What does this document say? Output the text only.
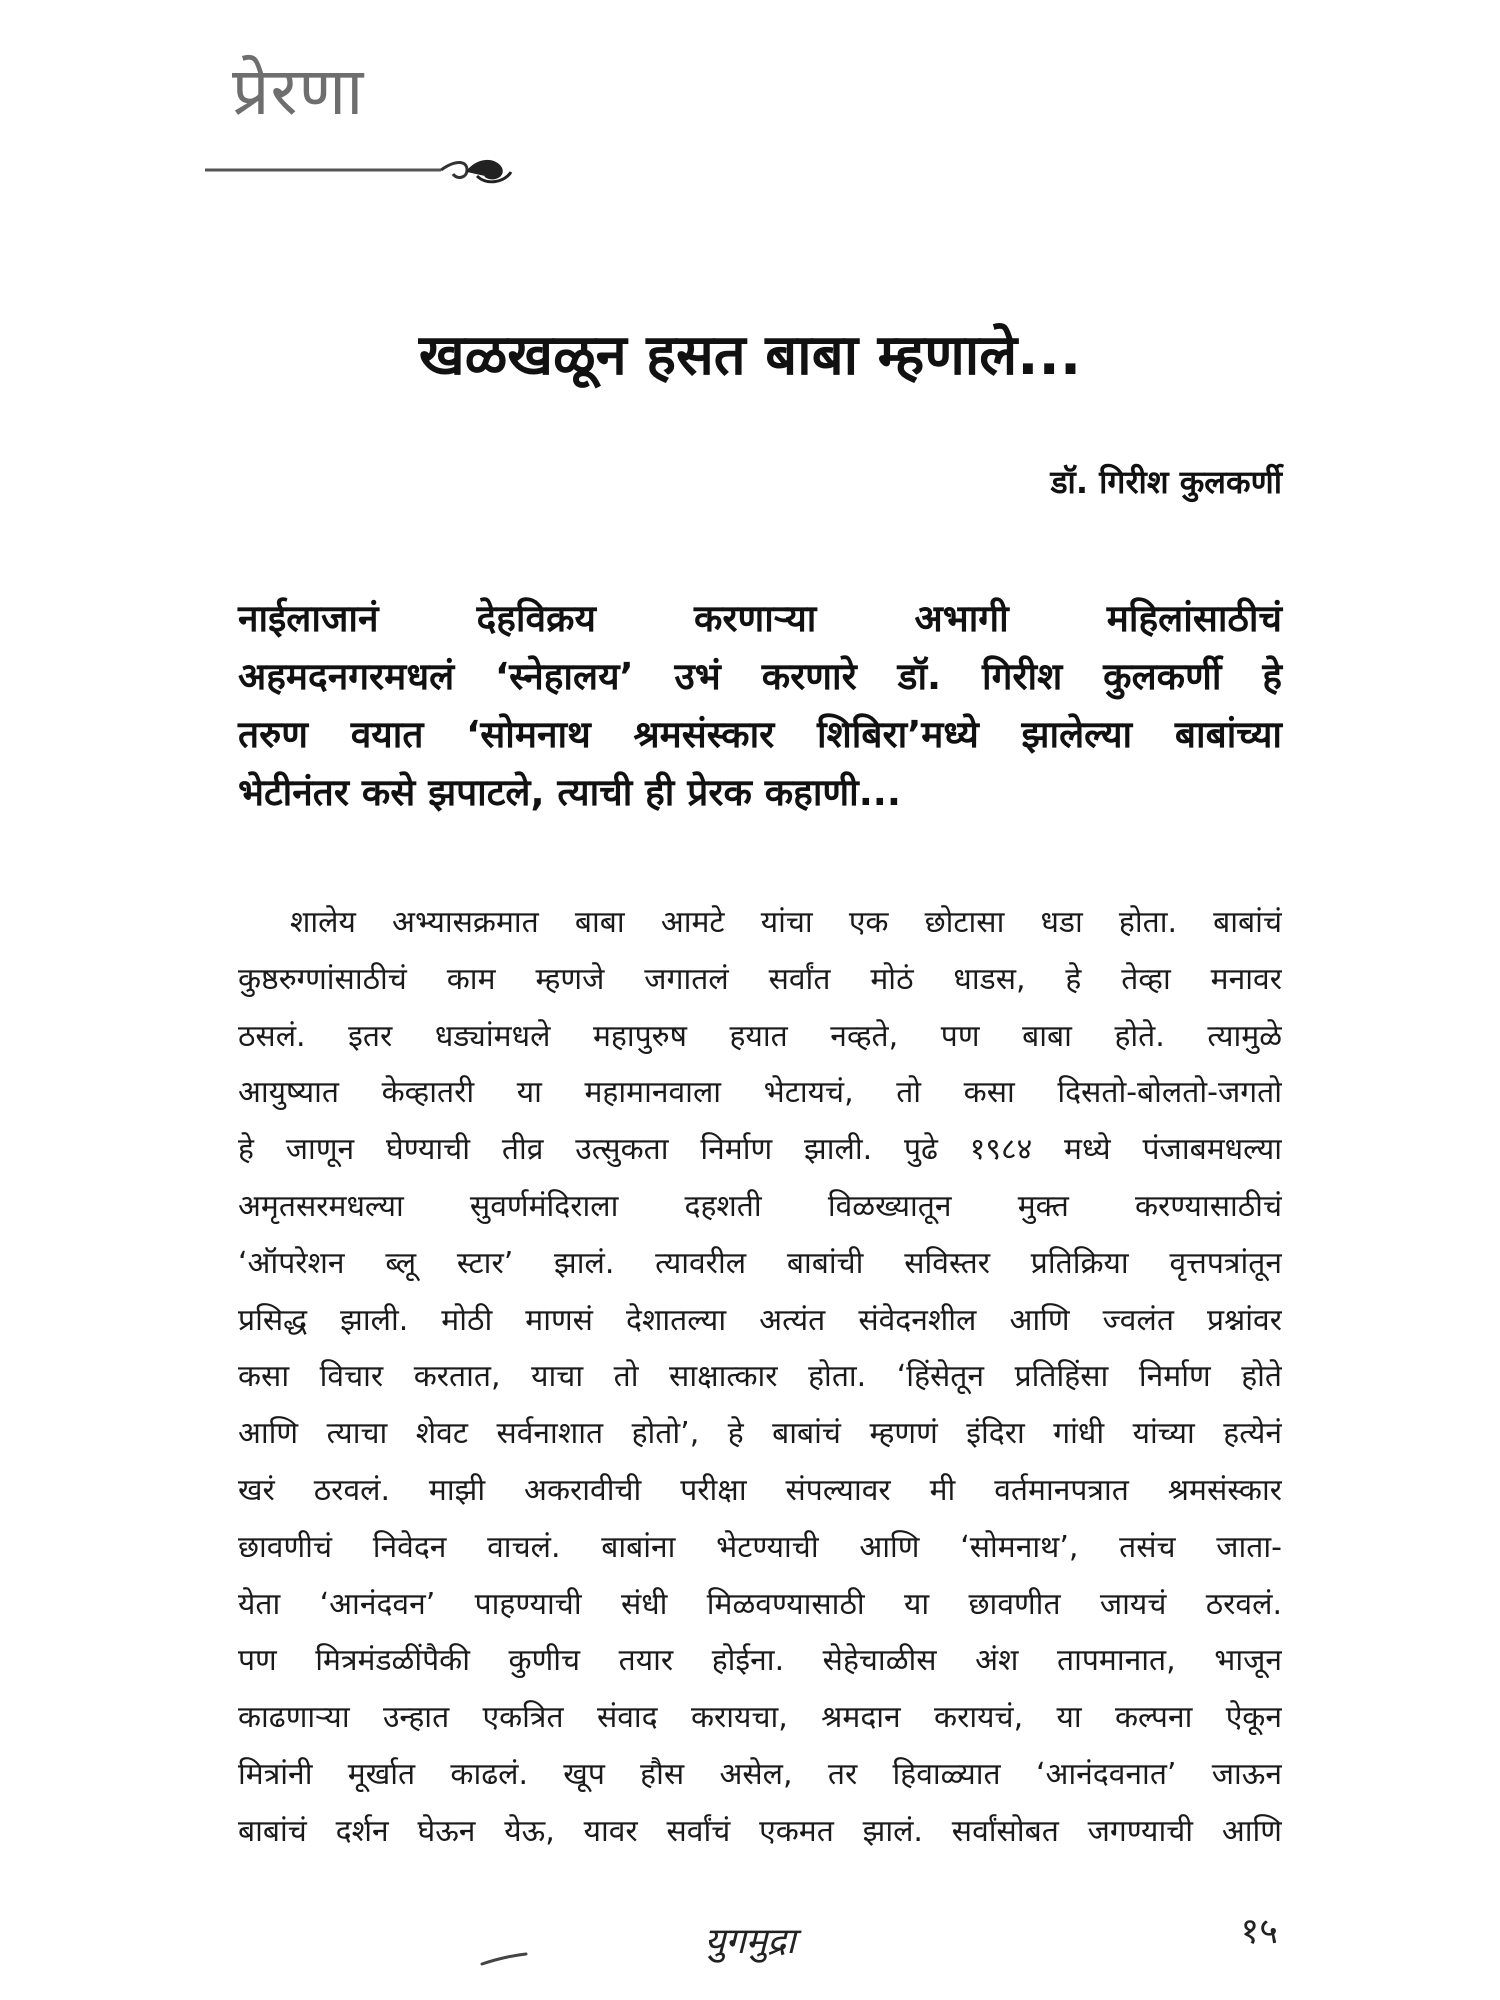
प्रेरणा
खळखळून हसत बाबा म्हणाले...
डॉ. गिरीश कुलकर्णी
नाईलाजानं देहविक्रय करणाऱ्या अभागी महिलांसाठीचं
अहमदनगरमधलं ‘स्नेहालय’ उभं करणारे डॉ. गिरीश कुलकर्णी हे
तरुण वयात ‘सोमनाथ श्रमसंस्कार शिबिरा’मध्ये झालेल्या बाबांच्या
भेटीनंतर कसे झपाटले, त्याची ही प्रेरक कहाणी...
शालेय अभ्यासक्रमात बाबा आमटे यांचा एक छोटासा धडा होता. बाबांचं
कुष्ठरुग्णांसाठीचं काम म्हणजे जगातलं सर्वांत मोठं धाडस, हे तेव्हा मनावर
ठसलं. इतर धड्यांमधले महापुरुष हयात नव्हते, पण बाबा होते. त्यामुळे
आयुष्यात केव्हातरी या महामानवाला भेटायचं, तो कसा दिसतो-बोलतो-जगतो
हे जाणून घेण्याची तीव्र उत्सुकता निर्माण झाली. पुढे १९८४ मध्ये पंजाबमधल्या
अमृतसरमधल्या सुवर्णमंदिराला दहशती विळख्यातून मुक्त करण्यासाठीचं
‘ऑपरेशन ब्लू स्टार’ झालं. त्यावरील बाबांची सविस्तर प्रतिक्रिया वृत्तपत्रांतून
प्रसिद्ध झाली. मोठी माणसं देशातल्या अत्यंत संवेदनशील आणि ज्वलंत प्रश्नांवर
कसा विचार करतात, याचा तो साक्षात्कार होता. ‘हिंसेतून प्रतिहिंसा निर्माण होते
आणि त्याचा शेवट सर्वनाशात होतो’, हे बाबांचं म्हणणं इंदिरा गांधी यांच्या हत्येनं
खरं ठरवलं. माझी अकरावीची परीक्षा संपल्यावर मी वर्तमानपत्रात श्रमसंस्कार
छावणीचं निवेदन वाचलं. बाबांना भेटण्याची आणि ‘सोमनाथ’, तसंच जाता-
येता ‘आनंदवन’ पाहण्याची संधी मिळवण्यासाठी या छावणीत जायचं ठरवलं.
पण मित्रमंडळींपैकी कुणीच तयार होईना. सेहेचाळीस अंश तापमानात, भाजून
काढणाऱ्या उन्हात एकत्रित संवाद करायचा, श्रमदान करायचं, या कल्पना ऐकून
मित्रांनी मूर्खात काढलं. खूप हौस असेल, तर हिवाळ्यात ‘आनंदवनात’ जाऊन
बाबांचं दर्शन घेऊन येऊ, यावर सर्वांचं एकमत झालं. सर्वांसोबत जगण्याची आणि
युगमुद्रा	१५
